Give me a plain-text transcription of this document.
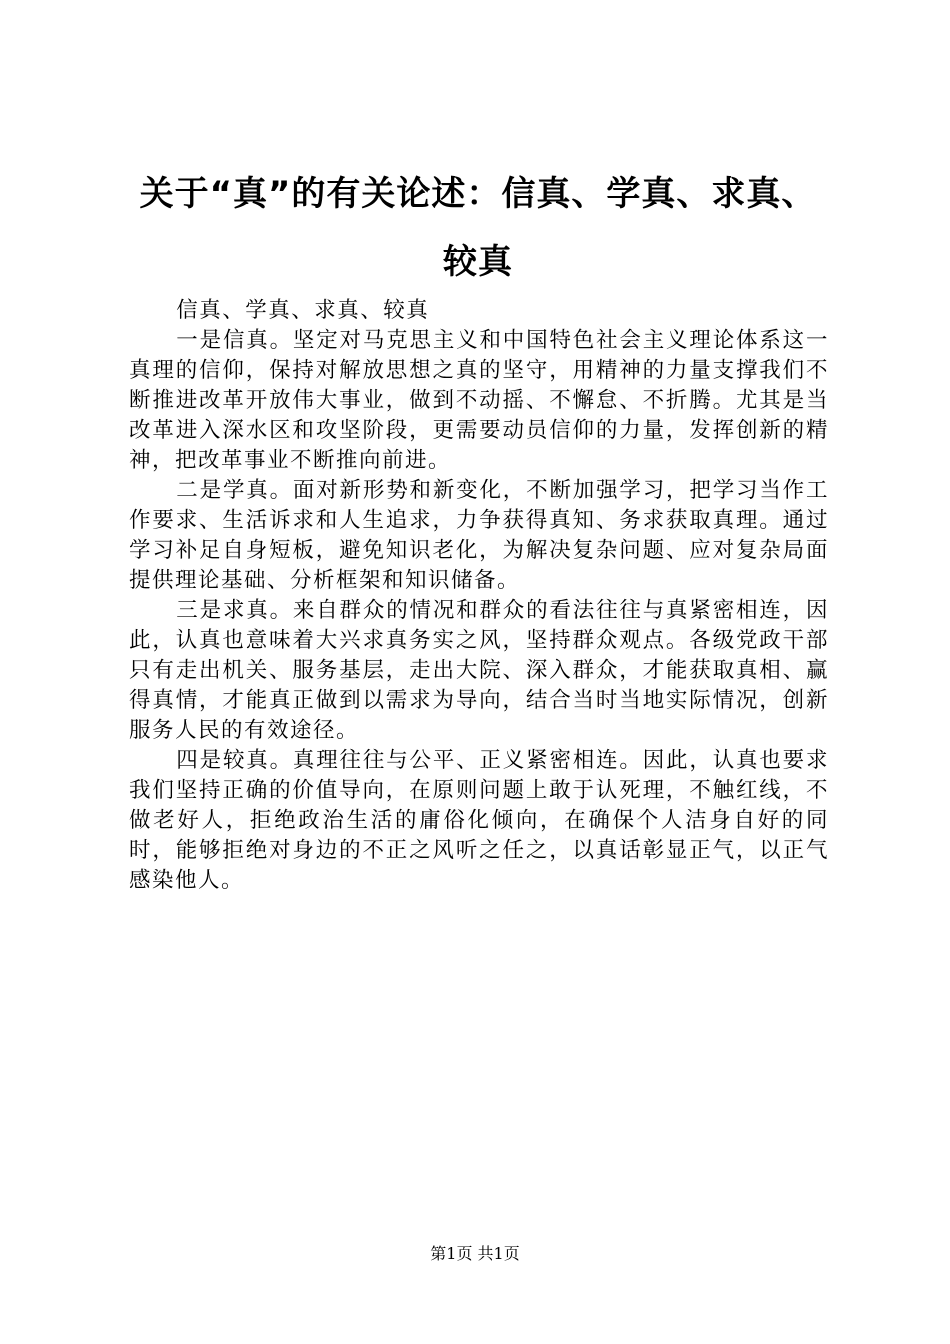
关于“真”的有关论述：信真、学真、求真、较真

信真、学真、求真、较真

一是信真。坚定对马克思主义和中国特色社会主义理论体系这一真理的信仰，保持对解放思想之真的坚守，用精神的力量支撑我们不断推进改革开放伟大事业，做到不动摇、不懈怠、不折腾。尤其是当改革进入深水区和攻坚阶段，更需要动员信仰的力量，发挥创新的精神，把改革事业不断推向前进。

二是学真。面对新形势和新变化，不断加强学习，把学习当作工作要求、生活诉求和人生追求，力争获得真知、务求获取真理。通过学习补足自身短板，避免知识老化，为解决复杂问题、应对复杂局面提供理论基础、分析框架和知识储备。

三是求真。来自群众的情况和群众的看法往往与真紧密相连，因此，认真也意味着大兴求真务实之风，坚持群众观点。各级党政干部只有走出机关、服务基层，走出大院、深入群众，才能获取真相、赢得真情，才能真正做到以需求为导向，结合当时当地实际情况，创新服务人民的有效途径。

四是较真。真理往往与公平、正义紧密相连。因此，认真也要求我们坚持正确的价值导向，在原则问题上敢于认死理，不触红线，不做老好人，拒绝政治生活的庸俗化倾向，在确保个人洁身自好的同时，能够拒绝对身边的不正之风听之任之，以真话彰显正气，以正气感染他人。

第1页 共1页
